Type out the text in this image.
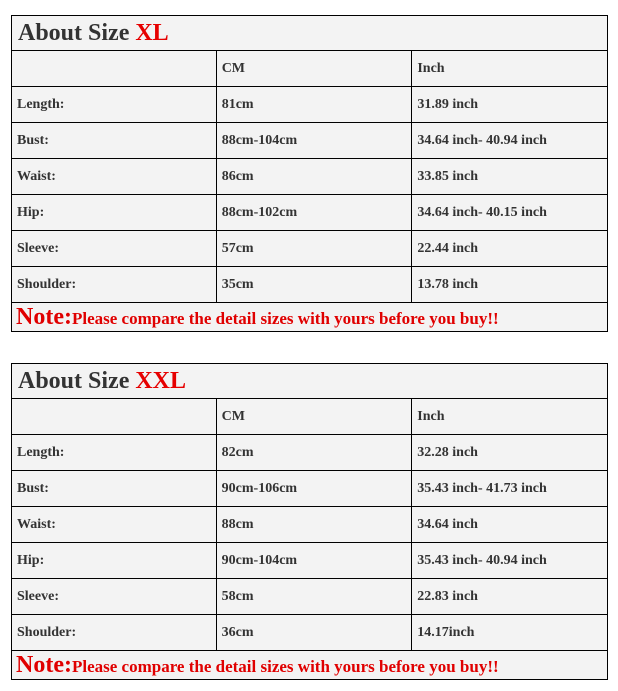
About Size XL		
	CM	Inch
Length:	81cm	31.89 inch
Bust:	88cm-104cm	34.64 inch- 40.94 inch
Waist:	86cm	33.85 inch
Hip:	88cm-102cm	34.64 inch- 40.15 inch
Sleeve:	57cm	22.44 inch
Shoulder:	35cm	13.78 inch
Note:Please compare the detail sizes with yours before you buy!!		
About Size XXL		
	CM	Inch
Length:	82cm	32.28 inch
Bust:	90cm-106cm	35.43 inch- 41.73 inch
Waist:	88cm	34.64 inch
Hip:	90cm-104cm	35.43 inch- 40.94 inch
Sleeve:	58cm	22.83 inch
Shoulder:	36cm	14.17inch
Note:Please compare the detail sizes with yours before you buy!!		
